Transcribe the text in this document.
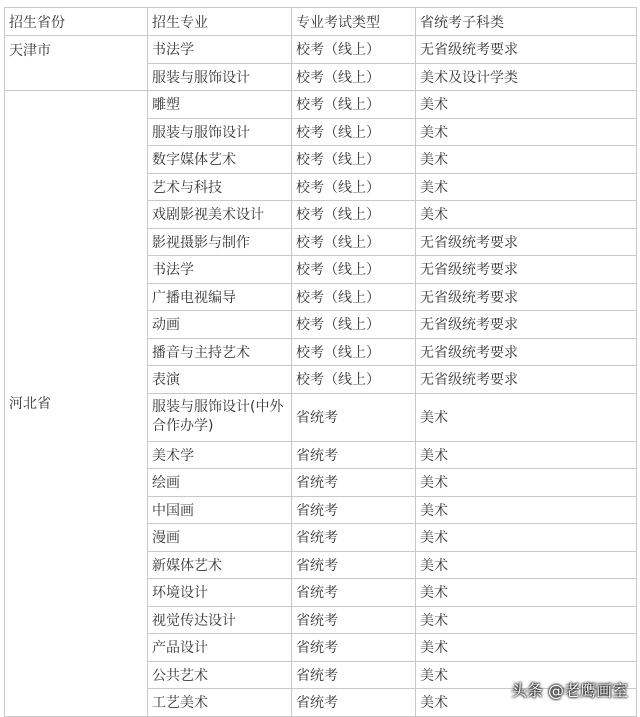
招生省份	招生专业	专业考试类型	省统考子科类
天津市	书法学	校考（线上）	无省级统考要求
	服装与服饰设计	校考（线上）	美术及设计学类
河北省	雕塑	校考（线上）	美术
	服装与服饰设计	校考（线上）	美术
	数字媒体艺术	校考（线上）	美术
	艺术与科技	校考（线上）	美术
	戏剧影视美术设计	校考（线上）	美术
	影视摄影与制作	校考（线上）	无省级统考要求
	书法学	校考（线上）	无省级统考要求
	广播电视编导	校考（线上）	无省级统考要求
	动画	校考（线上）	无省级统考要求
	播音与主持艺术	校考（线上）	无省级统考要求
	表演	校考（线上）	无省级统考要求
	服装与服饰设计(中外合作办学)	省统考	美术
	美术学	省统考	美术
	绘画	省统考	美术
	中国画	省统考	美术
	漫画	省统考	美术
	新媒体艺术	省统考	美术
	环境设计	省统考	美术
	视觉传达设计	省统考	美术
	产品设计	省统考	美术
	公共艺术	省统考	美术
	工艺美术	省统考	美术
头条 @老鹰画室
